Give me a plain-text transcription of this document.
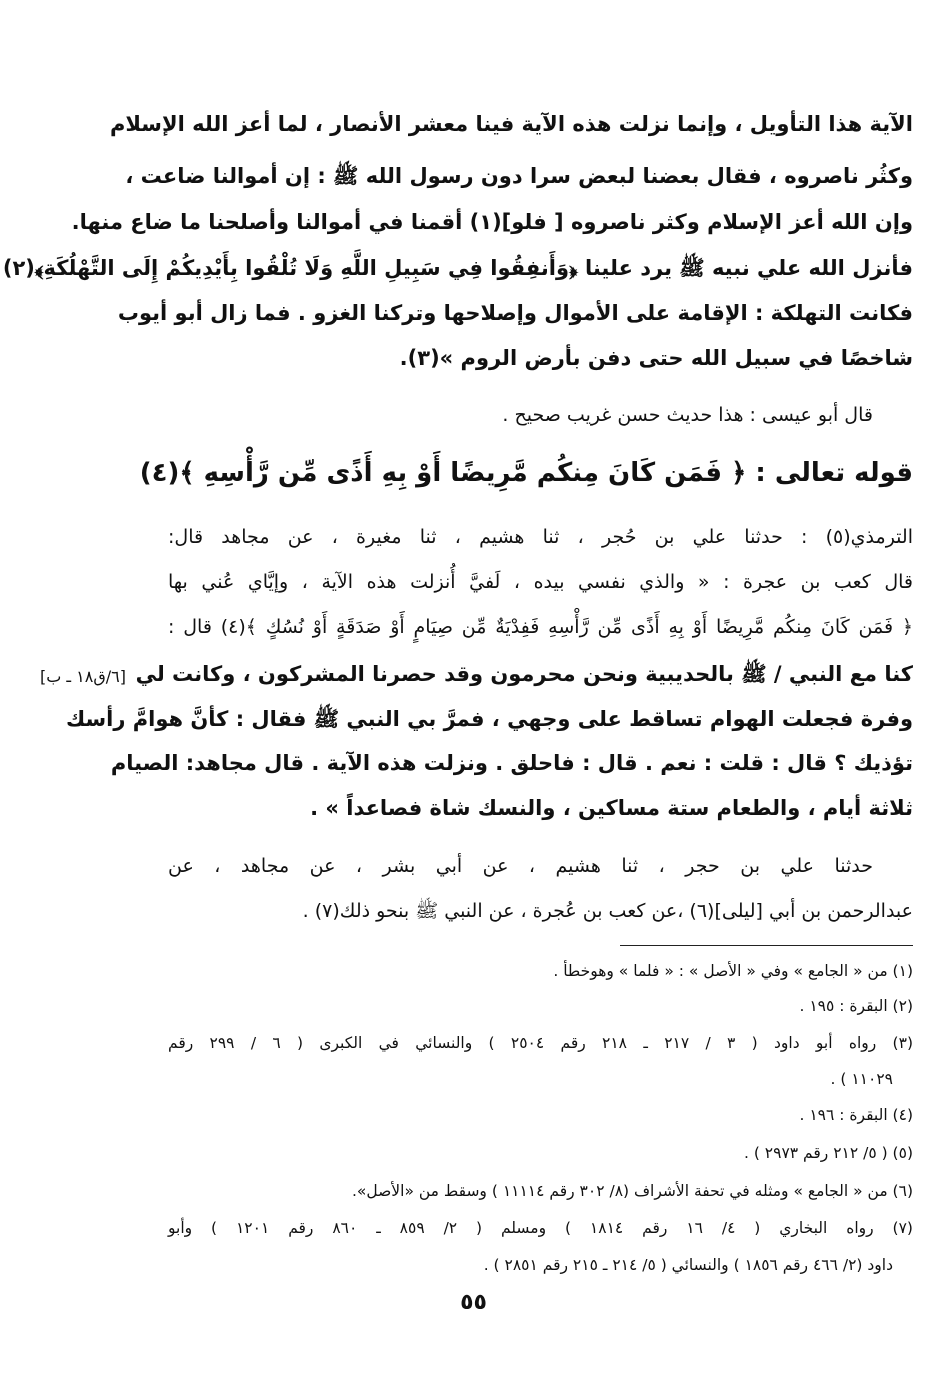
الآية هذا التأويل ، وإنما نزلت هذه الآية فينا معشر الأنصار ، لما أعز الله الإسلام
وكثُر ناصروه ، فقال بعضنا لبعض سرا دون رسول الله ﷺ : إن أموالنا ضاعت ،
وإن الله أعز الإسلام وكثر ناصروه [ فلو](١) أقمنا في أموالنا وأصلحنا ما ضاع منها.
فأنزل الله علي نبيه ﷺ يرد علينا ﴿وَأَنفِقُوا فِي سَبِيلِ اللَّهِ وَلَا تُلْقُوا بِأَيْدِيكُمْ إِلَى التَّهْلُكَةِ﴾(٢)
فكانت التهلكة : الإقامة على الأموال وإصلاحها وتركنا الغزو . فما زال أبو أيوب
شاخصًا في سبيل الله حتى دفن بأرض الروم »(٣).
قال أبو عيسى : هذا حديث حسن غريب صحيح .
قوله تعالى : ﴿ فَمَن كَانَ مِنكُم مَّرِيضًا أَوْ بِهِ أَذًى مِّن رَّأْسِهِ ﴾(٤)
الترمذي(٥) : حدثنا علي بن حُجر ، ثنا هشيم ، ثنا مغيرة ، عن مجاهد قال:
قال كعب بن عجرة : « والذي نفسي بيده ، لَفيَّ أُنزلت هذه الآية ، وإيَّاي عُني بها
﴿ فَمَن كَانَ مِنكُم مَّرِيضًا أَوْ بِهِ أَذًى مِّن رَّأْسِهِ فَفِدْيَةٌ مِّن صِيَامٍ أَوْ صَدَقَةٍ أَوْ نُسُكٍ ﴾(٤) قال :
كنا مع النبي / ﷺ بالحديبية ونحن محرمون وقد حصرنا المشركون ، وكانت لي
وفرة فجعلت الهوام تساقط على وجهي ، فمرَّ بي النبي ﷺ فقال : كأنَّ هوامَّ رأسك
تؤذيك ؟ قال : قلت : نعم . قال : فاحلق . ونزلت هذه الآية . قال مجاهد: الصيام
ثلاثة أيام ، والطعام ستة مساكين ، والنسك شاة فصاعداً » .
حدثنا علي بن حجر ، ثنا هشيم ، عن أبي بشر ، عن مجاهد ، عن
عبدالرحمن بن أبي [ليلى](٦) ،عن كعب بن عُجرة ، عن النبي ﷺ بنحو ذلك(٧) .
(١) من « الجامع » وفي « الأصل » : « فلما » وهوخطأ .
(٢) البقرة : ١٩٥ .
(٣) رواه أبو داود ( ٣ / ٢١٧ ـ ٢١٨ رقم ٢٥٠٤ ) والنسائي في الكبرى ( ٦ / ٢٩٩ رقم
١١٠٢٩ ) .
(٤) البقرة : ١٩٦ .
(٥) ( ٥/ ٢١٢ رقم ٢٩٧٣ ) .
(٦) من « الجامع » ومثله في تحفة الأشراف (٨/ ٣٠٢ رقم ١١١١٤ ) وسقط من «الأصل».
(٧) رواه البخاري ( ٤/ ١٦ رقم ١٨١٤ ) ومسلم ( ٢/ ٨٥٩ ـ ٨٦٠ رقم ١٢٠١ ) وأبو
داود (٢/ ٤٦٦ رقم ١٨٥٦ ) والنسائي ( ٥/ ٢١٤ ـ ٢١٥ رقم ٢٨٥١ ) .
[٦/ق١٨ ـ ب]
٥٥
